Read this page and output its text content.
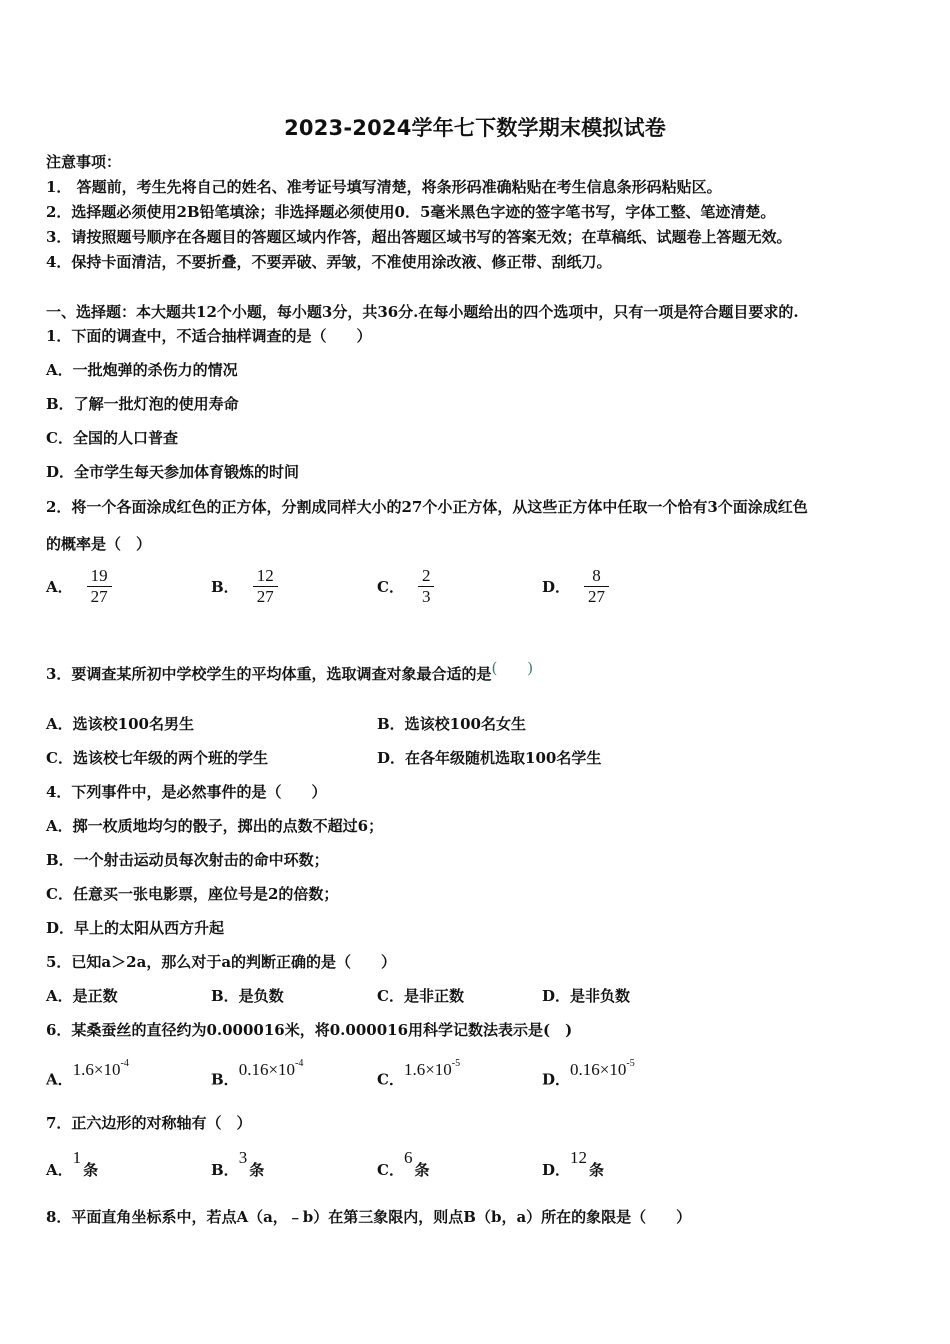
2023-2024学年七下数学期末模拟试卷
注意事项：
1． 答题前，考生先将自己的姓名、准考证号填写清楚，将条形码准确粘贴在考生信息条形码粘贴区。
2．选择题必须使用2B铅笔填涂；非选择题必须使用0．5毫米黑色字迹的签字笔书写，字体工整、笔迹清楚。
3．请按照题号顺序在各题目的答题区域内作答，超出答题区域书写的答案无效；在草稿纸、试题卷上答题无效。
4．保持卡面清洁，不要折叠，不要弄破、弄皱，不准使用涂改液、修正带、刮纸刀。
一、选择题：本大题共12个小题，每小题3分，共36分.在每小题给出的四个选项中，只有一项是符合题目要求的.
1．下面的调查中，不适合抽样调查的是（　　）
A．一批炮弹的杀伤力的情况
B．了解一批灯泡的使用寿命
C．全国的人口普查
D．全市学生每天参加体育锻炼的时间
2．将一个各面涂成红色的正方体，分割成同样大小的27个小正方体，从这些正方体中任取一个恰有3个面涂成红色
的概率是（　）
A． $\frac{19}{27}$	B． $\frac{12}{27}$	C． $\frac{2}{3}$	D． $\frac{8}{27}$
3．要调查某所初中学校学生的平均体重，选取调查对象最合适的是(　　)
A．选该校100名男生	B．选该校100名女生
C．选该校七年级的两个班的学生	D．在各年级随机选取100名学生
4．下列事件中，是必然事件的是（　　）
A．掷一枚质地均匀的骰子，掷出的点数不超过6；
B．一个射击运动员每次射击的命中环数；
C．任意买一张电影票，座位号是2的倍数；
D．早上的太阳从西方升起
5．已知a＞2a，那么对于a的判断正确的是（　　）
A．是正数	B．是负数	C．是非正数	D．是非负数
6．某桑蚕丝的直径约为0.000016米，将0.000016用科学记数法表示是(　)
A．$1.6\times 10^{-4}$
B．$0.16\times 10^{-4}$
C．$1.6\times 10^{-5}$
D．$0.16\times 10^{-5}$
7．正六边形的对称轴有（　）
A．1条	B．3条	C．6条	D．12条
8．平面直角坐标系中，若点A（a，﹣b）在第三象限内，则点B（b，a）所在的象限是（　　）
